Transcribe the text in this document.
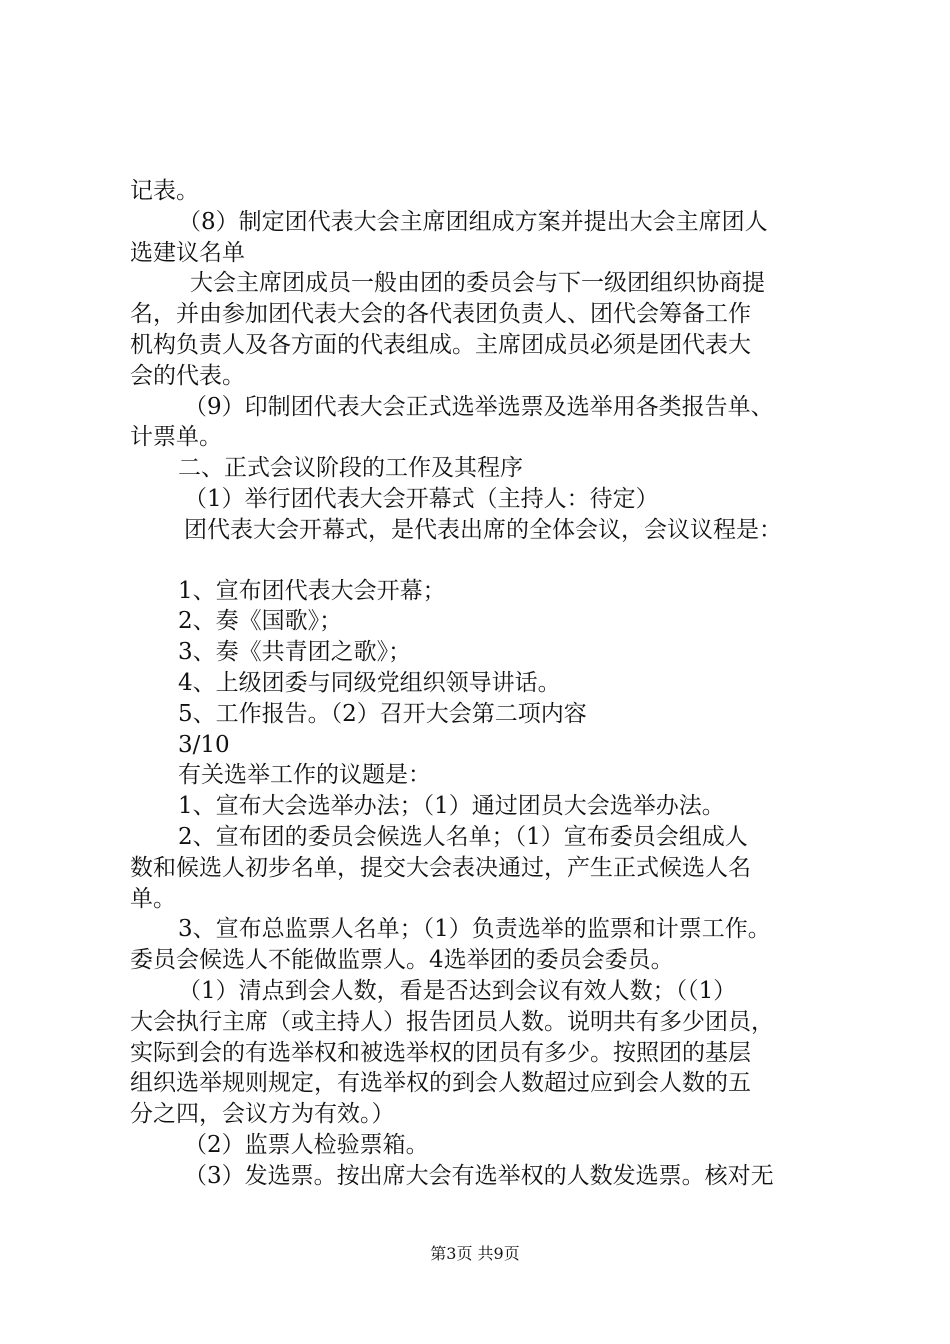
记表。
（8）制定团代表大会主席团组成方案并提出大会主席团人
选建议名单
大会主席团成员一般由团的委员会与下一级团组织协商提
名，并由参加团代表大会的各代表团负责人、团代会筹备工作
机构负责人及各方面的代表组成。主席团成员必须是团代表大
会的代表。
（9）印制团代表大会正式选举选票及选举用各类报告单、
计票单。
二、正式会议阶段的工作及其程序
（1）举行团代表大会开幕式（主持人：待定）
团代表大会开幕式，是代表出席的全体会议，会议议程是：
1、宣布团代表大会开幕；
2、奏《国歌》；
3、奏《共青团之歌》；
4、上级团委与同级党组织领导讲话。
5、工作报告。（2）召开大会第二项内容
3/10
有关选举工作的议题是：
1、宣布大会选举办法；（1）通过团员大会选举办法。
2、宣布团的委员会候选人名单；（1）宣布委员会组成人
数和候选人初步名单，提交大会表决通过，产生正式候选人名
单。
3、宣布总监票人名单；（1）负责选举的监票和计票工作。
委员会候选人不能做监票人。4选举团的委员会委员。
（1）清点到会人数，看是否达到会议有效人数；（（1）
大会执行主席（或主持人）报告团员人数。说明共有多少团员，
实际到会的有选举权和被选举权的团员有多少。按照团的基层
组织选举规则规定，有选举权的到会人数超过应到会人数的五
分之四，会议方为有效。）
（2）监票人检验票箱。
（3）发选票。按出席大会有选举权的人数发选票。核对无
第3页 共9页
